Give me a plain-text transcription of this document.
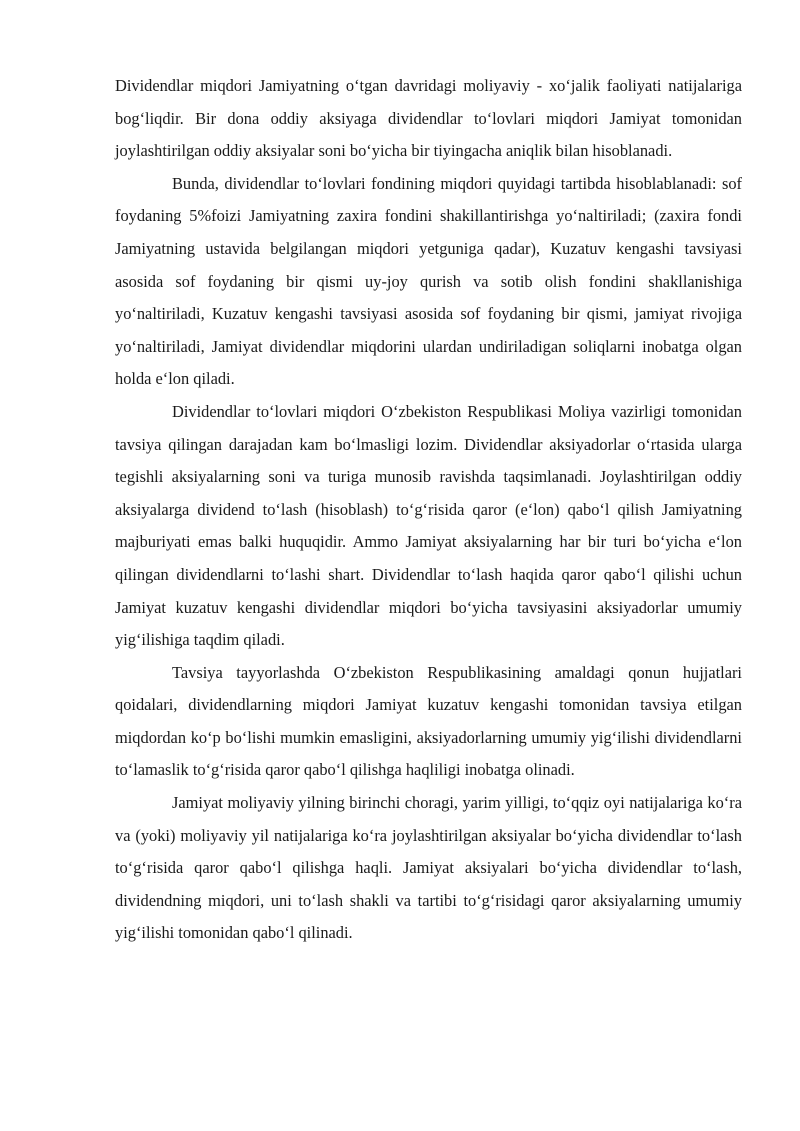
Dividendlar miqdori Jamiyatning o‘tgan davridagi moliyaviy - xo‘jalik faoliyati natijalariga bog‘liqdir. Bir dona oddiy aksiyaga dividendlar to‘lovlari miqdori Jamiyat tomonidan joylashtirilgan oddiy aksiyalar soni bo‘yicha bir tiyingacha aniqlik bilan hisoblanadi.

Bunda, dividendlar to‘lovlari fondining miqdori quyidagi tartibda hisoblablanadi: sof foydaning 5%foizi Jamiyatning zaxira fondini shakillantirishga yo‘naltiriladi; (zaxira fondi Jamiyatning ustavida belgilangan miqdori yetguniga qadar), Kuzatuv kengashi tavsiyasi asosida sof foydaning bir qismi uy-joy qurish va sotib olish fondini shakllanishiga yo‘naltiriladi, Kuzatuv kengashi tavsiyasi asosida sof foydaning bir qismi, jamiyat rivojiga yo‘naltiriladi, Jamiyat dividendlar miqdorini ulardan undiriladigan soliqlarni inobatga olgan holda e‘lon qiladi.

Dividendlar to‘lovlari miqdori O‘zbekiston Respublikasi Moliya vazirligi tomonidan tavsiya qilingan darajadan kam bo‘lmasligi lozim. Dividendlar aksiyadorlar o‘rtasida ularga tegishli aksiyalarning soni va turiga munosib ravishda taqsimlanadi. Joylashtirilgan oddiy aksiyalarga dividend to‘lash (hisoblash) to‘g‘risida qaror (e‘lon) qabo‘l qilish Jamiyatning majburiyati emas balki huquqidir. Ammo Jamiyat aksiyalarning har bir turi bo‘yicha e‘lon qilingan dividendlarni to‘lashi shart. Dividendlar to‘lash haqida qaror qabo‘l qilishi uchun Jamiyat kuzatuv kengashi dividendlar miqdori bo‘yicha tavsiyasini aksiyadorlar umumiy yig‘ilishiga taqdim qiladi.

Tavsiya tayyorlashda O‘zbekiston Respublikasining amaldagi qonun hujjatlari qoidalari, dividendlarning miqdori Jamiyat kuzatuv kengashi tomonidan tavsiya etilgan miqdordan ko‘p bo‘lishi mumkin emasligini, aksiyadorlarning umumiy yig‘ilishi dividendlarni to‘lamaslik to‘g‘risida qaror qabo‘l qilishga haqliligi inobatga olinadi.

Jamiyat moliyaviy yilning birinchi choragi, yarim yilligi, to‘qqiz oyi natijalariga ko‘ra va (yoki) moliyaviy yil natijalariga ko‘ra joylashtirilgan aksiyalar bo‘yicha dividendlar to‘lash to‘g‘risida qaror qabo‘l qilishga haqli. Jamiyat aksiyalari bo‘yicha dividendlar to‘lash, dividendning miqdori, uni to‘lash shakli va tartibi to‘g‘risidagi qaror aksiyalarning umumiy yig‘ilishi tomonidan qabo‘l qilinadi.
